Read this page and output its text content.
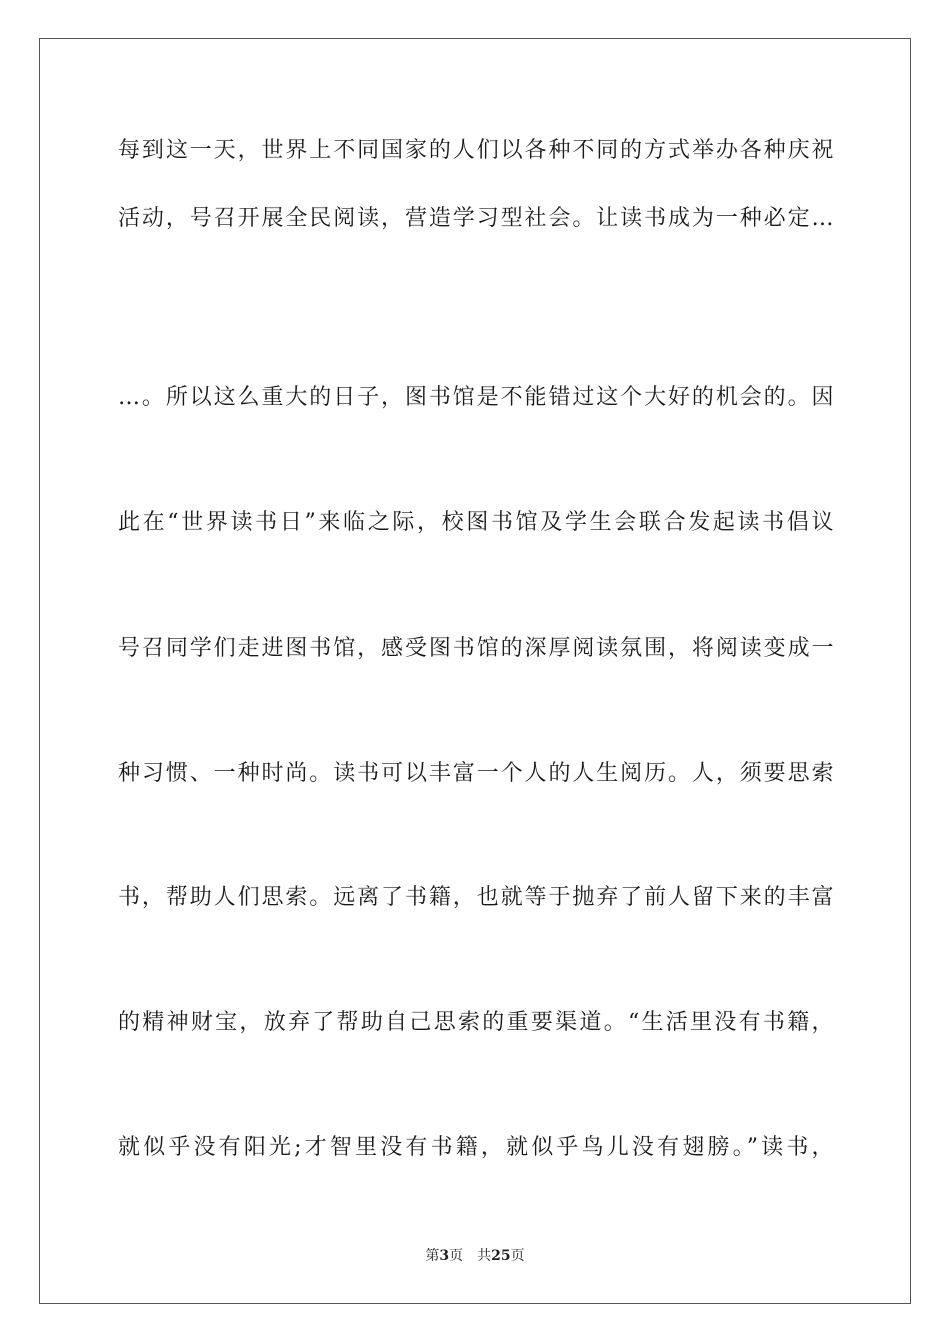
每到这一天，世界上不同国家的人们以各种不同的方式举办各种庆祝
活动，号召开展全民阅读，营造学习型社会。让读书成为一种必定…
…。所以这么重大的日子，图书馆是不能错过这个大好的机会的。因
此在“世界读书日”来临之际，校图书馆及学生会联合发起读书倡议
号召同学们走进图书馆，感受图书馆的深厚阅读氛围，将阅读变成一
种习惯、一种时尚。读书可以丰富一个人的人生阅历。人，须要思索
书，帮助人们思索。远离了书籍，也就等于抛弃了前人留下来的丰富
的精神财宝，放弃了帮助自己思索的重要渠道。“生活里没有书籍，
就似乎没有阳光;才智里没有书籍，就似乎鸟儿没有翅膀。”读书，
第3页 共25页
